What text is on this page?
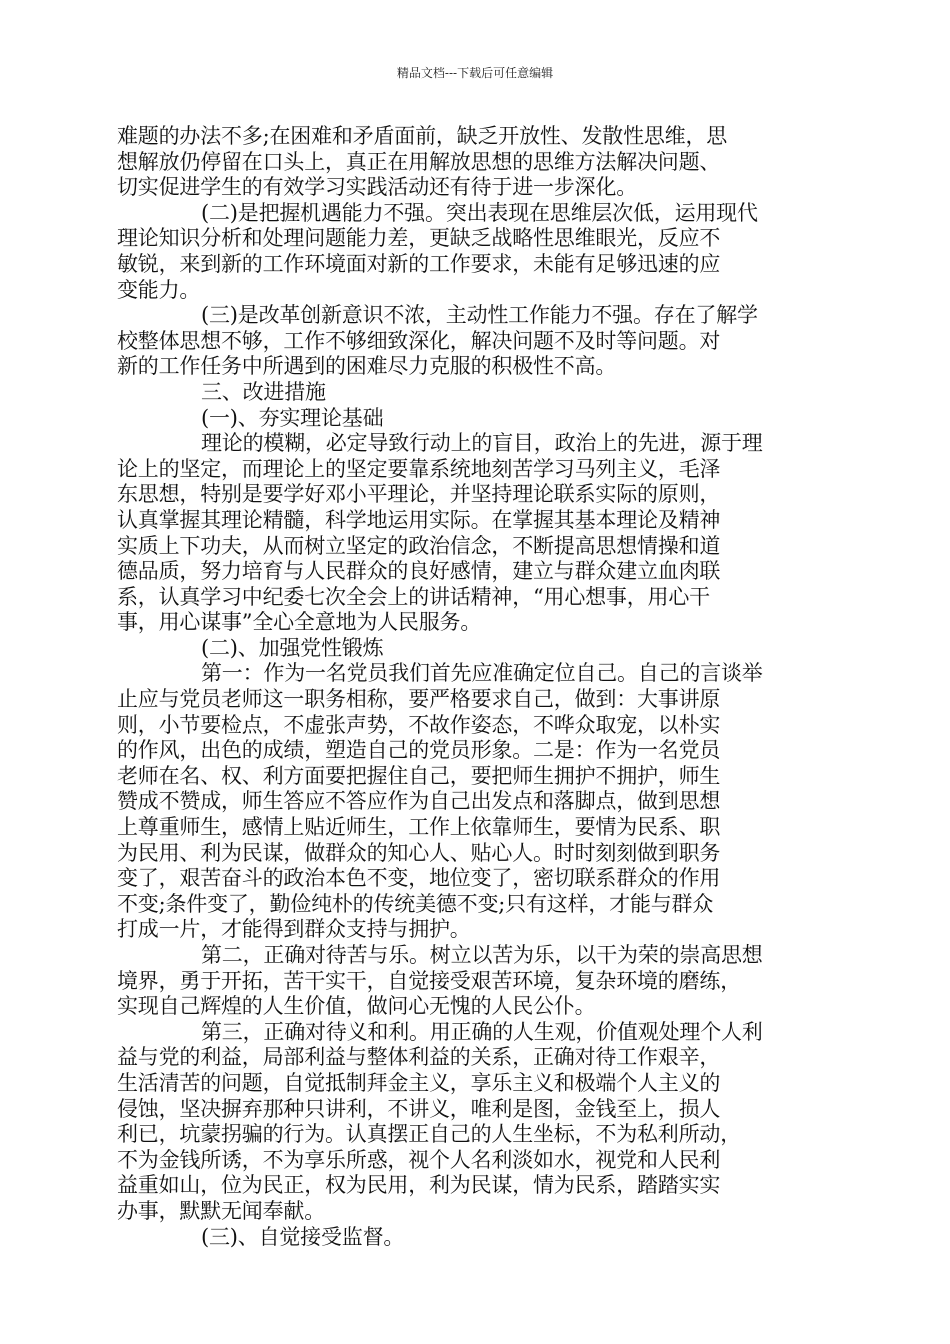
精品文档---下载后可任意编辑
难题的办法不多;在困难和矛盾面前，缺乏开放性、发散性思维，思
想解放仍停留在口头上，真正在用解放思想的思维方法解决问题、
切实促进学生的有效学习实践活动还有待于进一步深化。
(二)是把握机遇能力不强。突出表现在思维层次低，运用现代
理论知识分析和处理问题能力差，更缺乏战略性思维眼光，反应不
敏锐，来到新的工作环境面对新的工作要求，未能有足够迅速的应
变能力。
(三)是改革创新意识不浓，主动性工作能力不强。存在了解学
校整体思想不够，工作不够细致深化，解决问题不及时等问题。对
新的工作任务中所遇到的困难尽力克服的积极性不高。
三、改进措施
(一)、夯实理论基础
理论的模糊，必定导致行动上的盲目，政治上的先进，源于理
论上的坚定，而理论上的坚定要靠系统地刻苦学习马列主义，毛泽
东思想，特别是要学好邓小平理论，并坚持理论联系实际的原则，
认真掌握其理论精髓，科学地运用实际。在掌握其基本理论及精神
实质上下功夫，从而树立坚定的政治信念，不断提高思想情操和道
德品质，努力培育与人民群众的良好感情，建立与群众建立血肉联
系，认真学习中纪委七次全会上的讲话精神，“用心想事，用心干
事，用心谋事”全心全意地为人民服务。
(二)、加强党性锻炼
第一：作为一名党员我们首先应准确定位自己。自己的言谈举
止应与党员老师这一职务相称，要严格要求自己，做到：大事讲原
则，小节要检点，不虚张声势，不故作姿态，不哗众取宠，以朴实
的作风，出色的成绩，塑造自己的党员形象。二是：作为一名党员
老师在名、权、利方面要把握住自己，要把师生拥护不拥护，师生
赞成不赞成，师生答应不答应作为自己出发点和落脚点，做到思想
上尊重师生，感情上贴近师生，工作上依靠师生，要情为民系、职
为民用、利为民谋，做群众的知心人、贴心人。时时刻刻做到职务
变了，艰苦奋斗的政治本色不变，地位变了，密切联系群众的作用
不变;条件变了，勤俭纯朴的传统美德不变;只有这样，才能与群众
打成一片，才能得到群众支持与拥护。
第二，正确对待苦与乐。树立以苦为乐，以干为荣的崇高思想
境界，勇于开拓，苦干实干，自觉接受艰苦环境，复杂环境的磨练，
实现自己辉煌的人生价值，做问心无愧的人民公仆。
第三，正确对待义和利。用正确的人生观，价值观处理个人利
益与党的利益，局部利益与整体利益的关系，正确对待工作艰辛，
生活清苦的问题，自觉抵制拜金主义，享乐主义和极端个人主义的
侵蚀，坚决摒弃那种只讲利，不讲义，唯利是图，金钱至上，损人
利已，坑蒙拐骗的行为。认真摆正自己的人生坐标，不为私利所动，
不为金钱所诱，不为享乐所惑，视个人名利淡如水，视党和人民利
益重如山，位为民正，权为民用，利为民谋，情为民系，踏踏实实
办事，默默无闻奉献。
(三)、自觉接受监督。
